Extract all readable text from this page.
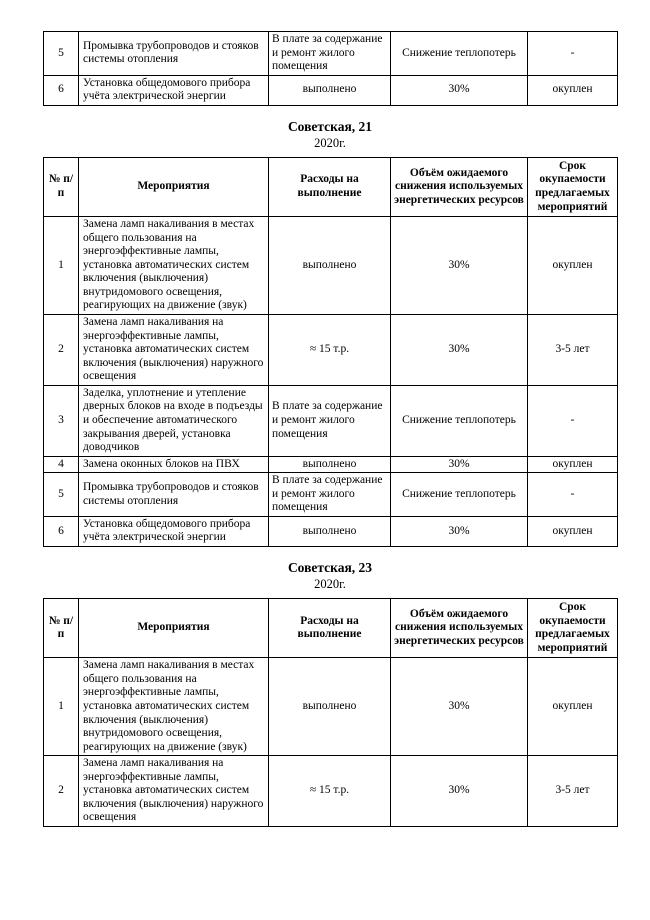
5	Промывка трубопроводов и стояков системы отопления	В плате за содержание и ремонт жилого помещения	Снижение теплопотерь	-
6	Установка общедомового прибора учёта электрической энергии	выполнено	30%	окуплен
Советская, 21
2020г.
№ п/п	Мероприятия	Расходы на выполнение	Объём ожидаемого снижения используемых энергетических ресурсов	Срок окупаемости предлагаемых мероприятий
1	Замена ламп накаливания в местах общего пользования на энергоэффективные лампы, установка автоматических систем включения (выключения) внутридомового освещения, реагирующих на движение (звук)	выполнено	30%	окуплен
2	Замена ламп накаливания на энергоэффективные лампы, установка автоматических систем включения (выключения) наружного освещения	≈ 15 т.р.	30%	3-5 лет
3	Заделка, уплотнение и утепление дверных блоков на входе в подъезды и обеспечение автоматического закрывания дверей, установка доводчиков	В плате за содержание и ремонт жилого помещения	Снижение теплопотерь	-
4	Замена оконных блоков на ПВХ	выполнено	30%	окуплен
5	Промывка трубопроводов и стояков системы отопления	В плате за содержание и ремонт жилого помещения	Снижение теплопотерь	-
6	Установка общедомового прибора учёта электрической энергии	выполнено	30%	окуплен
Советская, 23
2020г.
№ п/п	Мероприятия	Расходы на выполнение	Объём ожидаемого снижения используемых энергетических ресурсов	Срок окупаемости предлагаемых мероприятий
1	Замена ламп накаливания в местах общего пользования на энергоэффективные лампы, установка автоматических систем включения (выключения) внутридомового освещения, реагирующих на движение (звук)	выполнено	30%	окуплен
2	Замена ламп накаливания на энергоэффективные лампы, установка автоматических систем включения (выключения) наружного освещения	≈ 15 т.р.	30%	3-5 лет
